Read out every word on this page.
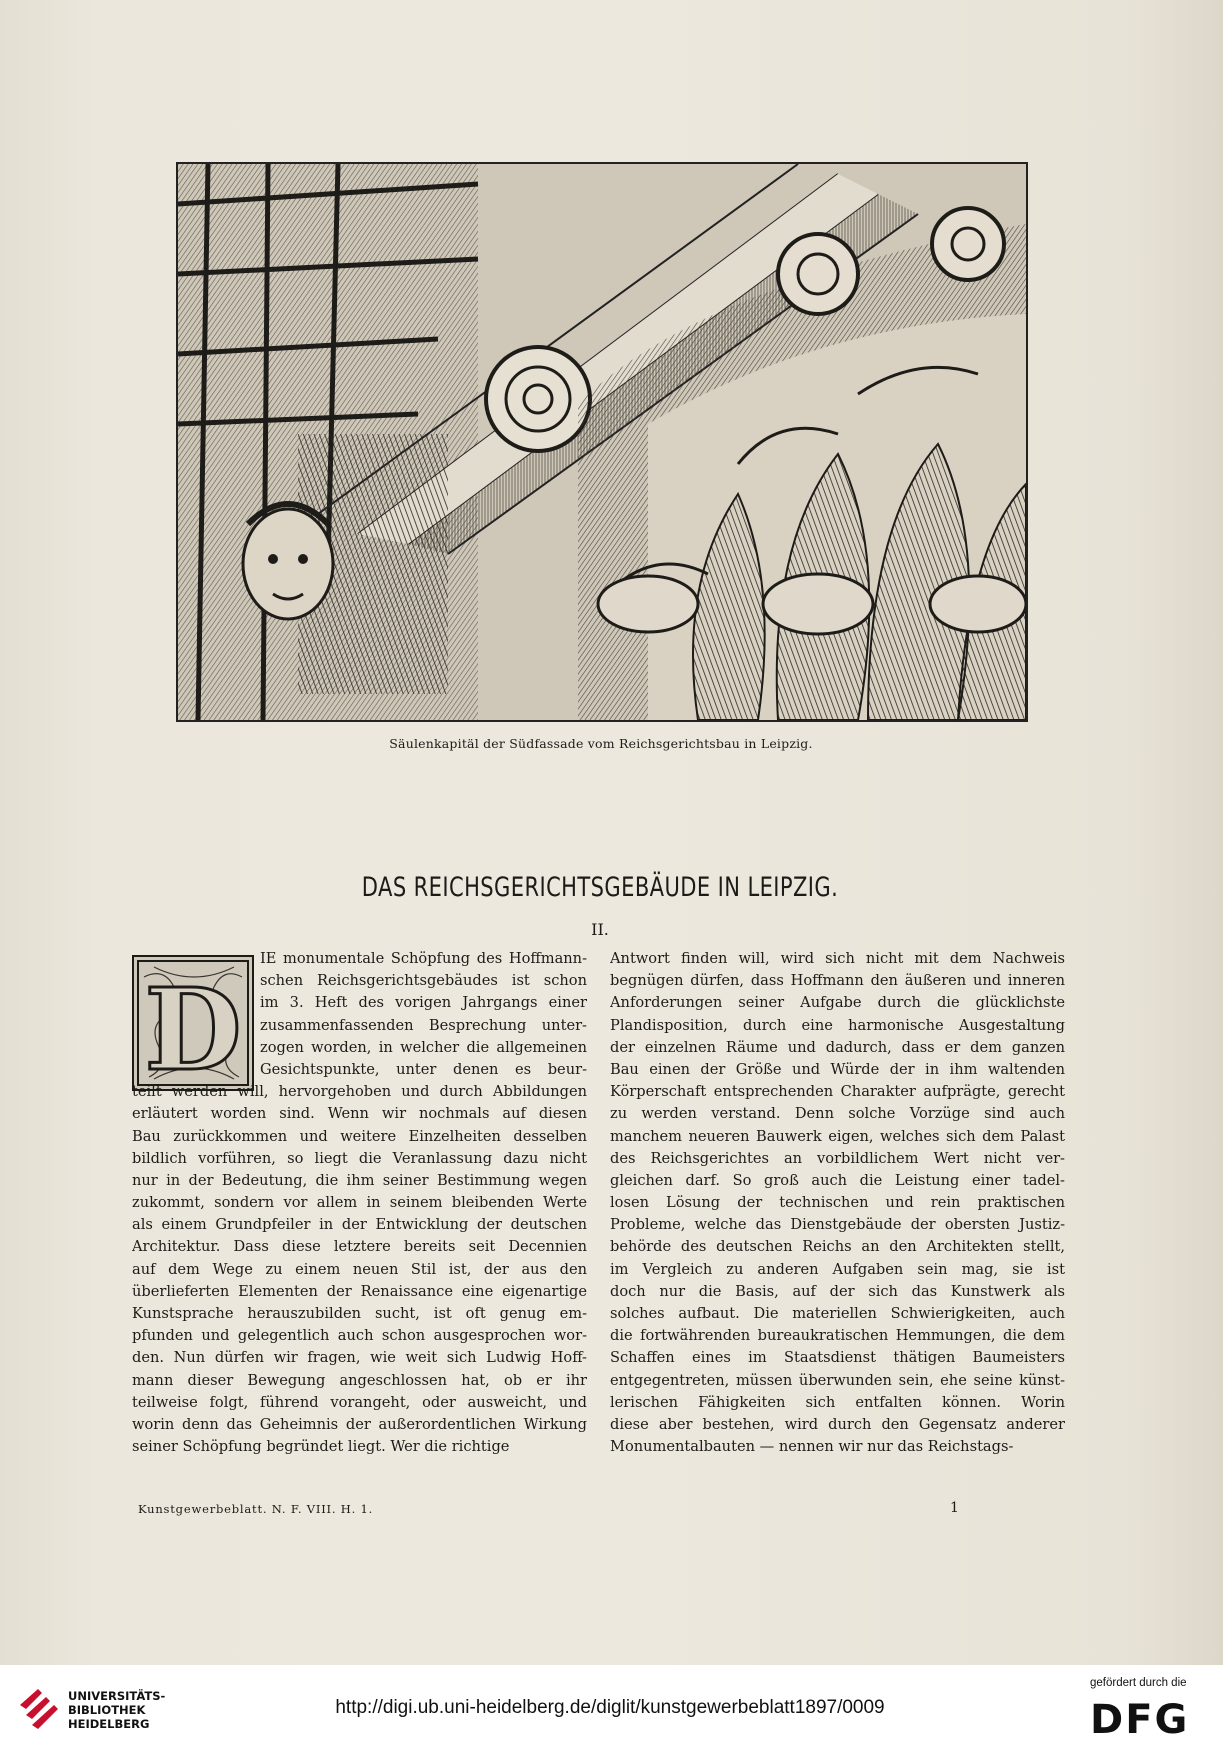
Säulenkapitäl der Südfassade vom Reichsgerichtsbau in Leipzig.
DAS REICHSGERICHTSGEBÄUDE IN LEIPZIG.
II.
D
IE monumentale Schöpfung des Hoffmann-
schen Reichsgerichtsgebäudes ist schon
im 3. Heft des vorigen Jahrgangs einer
zusammenfassenden Besprechung unter-
zogen worden, in welcher die allgemeinen
Gesichtspunkte, unter denen es beur-
teilt werden will, hervorgehoben und durch Abbildungen
erläutert worden sind. Wenn wir nochmals auf diesen
Bau zurückkommen und weitere Einzelheiten desselben
bildlich vorführen, so liegt die Veranlassung dazu nicht
nur in der Bedeutung, die ihm seiner Bestimmung wegen
zukommt, sondern vor allem in seinem bleibenden Werte
als einem Grundpfeiler in der Entwicklung der deutschen
Architektur. Dass diese letztere bereits seit Decennien
auf dem Wege zu einem neuen Stil ist, der aus den
überlieferten Elementen der Renaissance eine eigenartige
Kunstsprache herauszubilden sucht, ist oft genug em-
pfunden und gelegentlich auch schon ausgesprochen wor-
den. Nun dürfen wir fragen, wie weit sich Ludwig Hoff-
mann dieser Bewegung angeschlossen hat, ob er ihr
teilweise folgt, führend vorangeht, oder ausweicht, und
worin denn das Geheimnis der außerordentlichen Wirkung
seiner Schöpfung begründet liegt. Wer die richtige
Antwort finden will, wird sich nicht mit dem Nachweis
begnügen dürfen, dass Hoffmann den äußeren und inneren
Anforderungen seiner Aufgabe durch die glücklichste
Plandisposition, durch eine harmonische Ausgestaltung
der einzelnen Räume und dadurch, dass er dem ganzen
Bau einen der Größe und Würde der in ihm waltenden
Körperschaft entsprechenden Charakter aufprägte, gerecht
zu werden verstand. Denn solche Vorzüge sind auch
manchem neueren Bauwerk eigen, welches sich dem Palast
des Reichsgerichtes an vorbildlichem Wert nicht ver-
gleichen darf. So groß auch die Leistung einer tadel-
losen Lösung der technischen und rein praktischen
Probleme, welche das Dienstgebäude der obersten Justiz-
behörde des deutschen Reichs an den Architekten stellt,
im Vergleich zu anderen Aufgaben sein mag, sie ist
doch nur die Basis, auf der sich das Kunstwerk als
solches aufbaut. Die materiellen Schwierigkeiten, auch
die fortwährenden bureaukratischen Hemmungen, die dem
Schaffen eines im Staatsdienst thätigen Baumeisters
entgegentreten, müssen überwunden sein, ehe seine künst-
lerischen Fähigkeiten sich entfalten können. Worin
diese aber bestehen, wird durch den Gegensatz anderer
Monumentalbauten — nennen wir nur das Reichstags-
Kunstgewerbeblatt. N. F. VIII. H. 1.	1
UNIVERSITÄTS-
BIBLIOTHEK
HEIDELBERG
http://digi.ub.uni-heidelberg.de/diglit/kunstgewerbeblatt1897/0009
gefördert durch die
DFG
